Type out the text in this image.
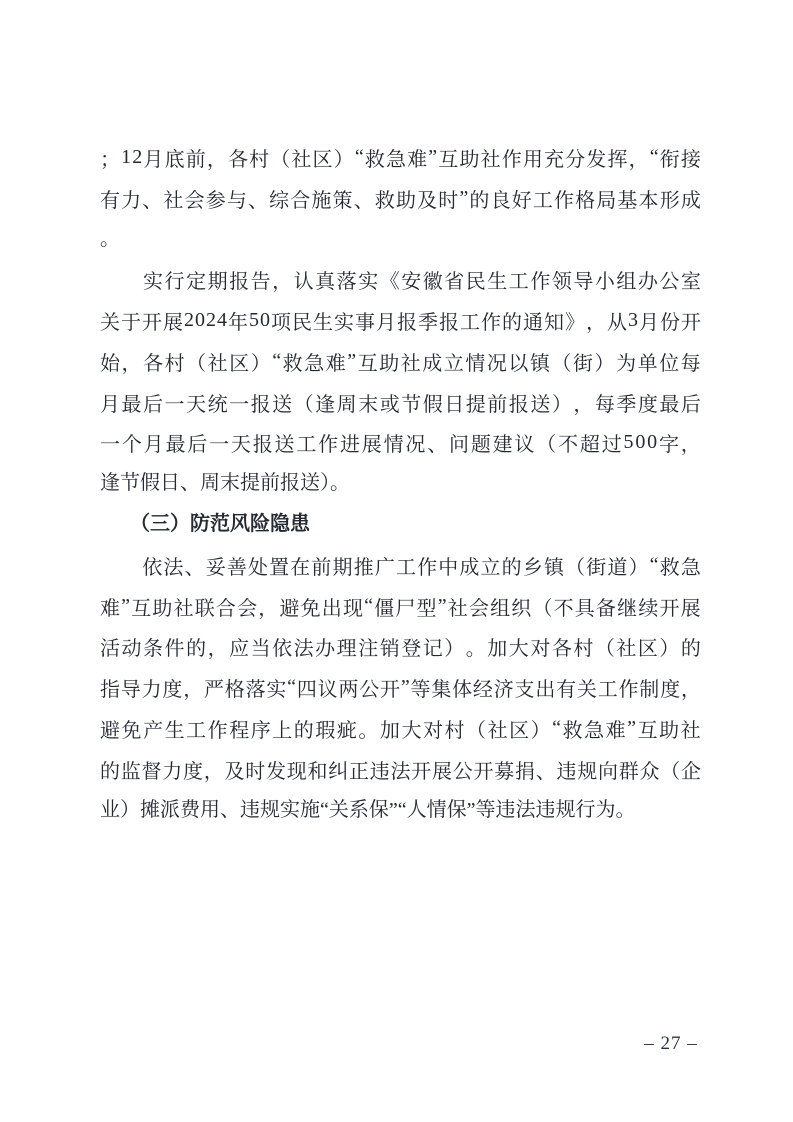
； 1 2 月 底 前 ， 各 村 （ 社 区 ） “ 救 急 难 ” 互 助 社 作 用 充 分 发 挥 ， “ 衔 接
有 力 、 社 会 参 与 、 综 合 施 策 、 救 助 及 时 ” 的 良 好 工 作 格 局 基 本 形 成
。

实 行 定 期 报 告 ， 认 真 落 实 《 安 徽 省 民 生 工 作 领 导 小 组 办 公 室
关 于 开 展 2 0 2 4 年 5 0 项 民 生 实 事 月 报 季 报 工 作 的 通 知 》 ， 从 3 月 份 开
始 ， 各 村 （ 社 区 ） “ 救 急 难 ” 互 助 社 成 立 情 况 以 镇 （ 街 ） 为 单 位 每
月 最 后 一 天 统 一 报 送 （ 逢 周 末 或 节 假 日 提 前 报 送 ） ， 每 季 度 最 后
一 个 月 最 后 一 天 报 送 工 作 进 展 情 况 、 问 题 建 议 （ 不 超 过 5 0 0 字 ，
逢节假日、周末提前报送）。
　　（三）防范风险隐患

依 法 、 妥 善 处 置 在 前 期 推 广 工 作 中 成 立 的 乡 镇 （ 街 道 ） “ 救 急
难 ” 互 助 社 联 合 会 ， 避 免 出 现 “ 僵 尸 型 ” 社 会 组 织 （ 不 具 备 继 续 开 展
活 动 条 件 的 ， 应 当 依 法 办 理 注 销 登 记 ） 。 加 大 对 各 村 （ 社 区 ） 的
指 导 力 度 ， 严 格 落 实 “ 四 议 两 公 开 ” 等 集 体 经 济 支 出 有 关 工 作 制 度 ，
避 免 产 生 工 作 程 序 上 的 瑕 疵 。 加 大 对 村 （ 社 区 ） “ 救 急 难 ” 互 助 社
的 监 督 力 度 ， 及 时 发 现 和 纠 正 违 法 开 展 公 开 募 捐 、 违 规 向 群 众 （ 企
业）摊派费用、违规实施“关系保”“人情保”等违法违规行为。
– 27 –
